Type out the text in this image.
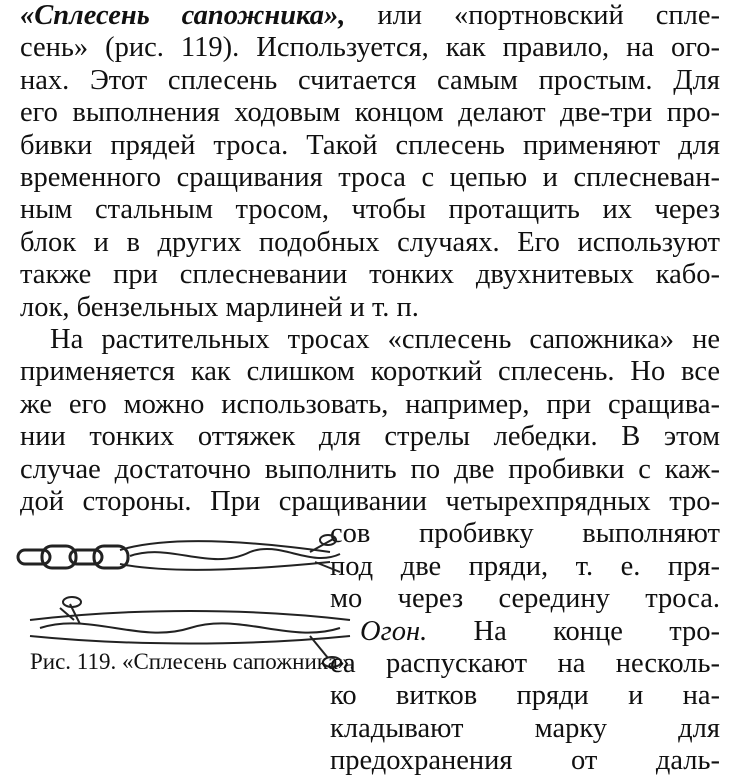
«Сплесень сапожника», или «портновский спле-
сень» (рис. 119). Используется, как правило, на ого-
нах. Этот сплесень считается самым простым. Для
его выполнения ходовым концом делают две-три про-
бивки прядей троса. Такой сплесень применяют для
временного сращивания троса с цепью и сплесневан-
ным стальным тросом, чтобы протащить их через
блок и в других подобных случаях. Его используют
также при сплесневании тонких двухнитевых кабо-
лок, бензельных марлиней и т. п.
На растительных тросах «сплесень сапожника» не
применяется как слишком короткий сплесень. Но все
же его можно использовать, например, при сращива-
нии тонких оттяжек для стрелы лебедки. В этом
случае достаточно выполнить по две пробивки с каж-
дой стороны. При сращивании четырехпрядных тро-
сов пробивку выполняют
под две пряди, т. е. пря-
мо через середину троса.
Огон. На конце тро-
са распускают на несколь-
ко витков пряди и на-
кладывают марку для
предохранения от даль-
Рис. 119. «Сплесень сапожника».
